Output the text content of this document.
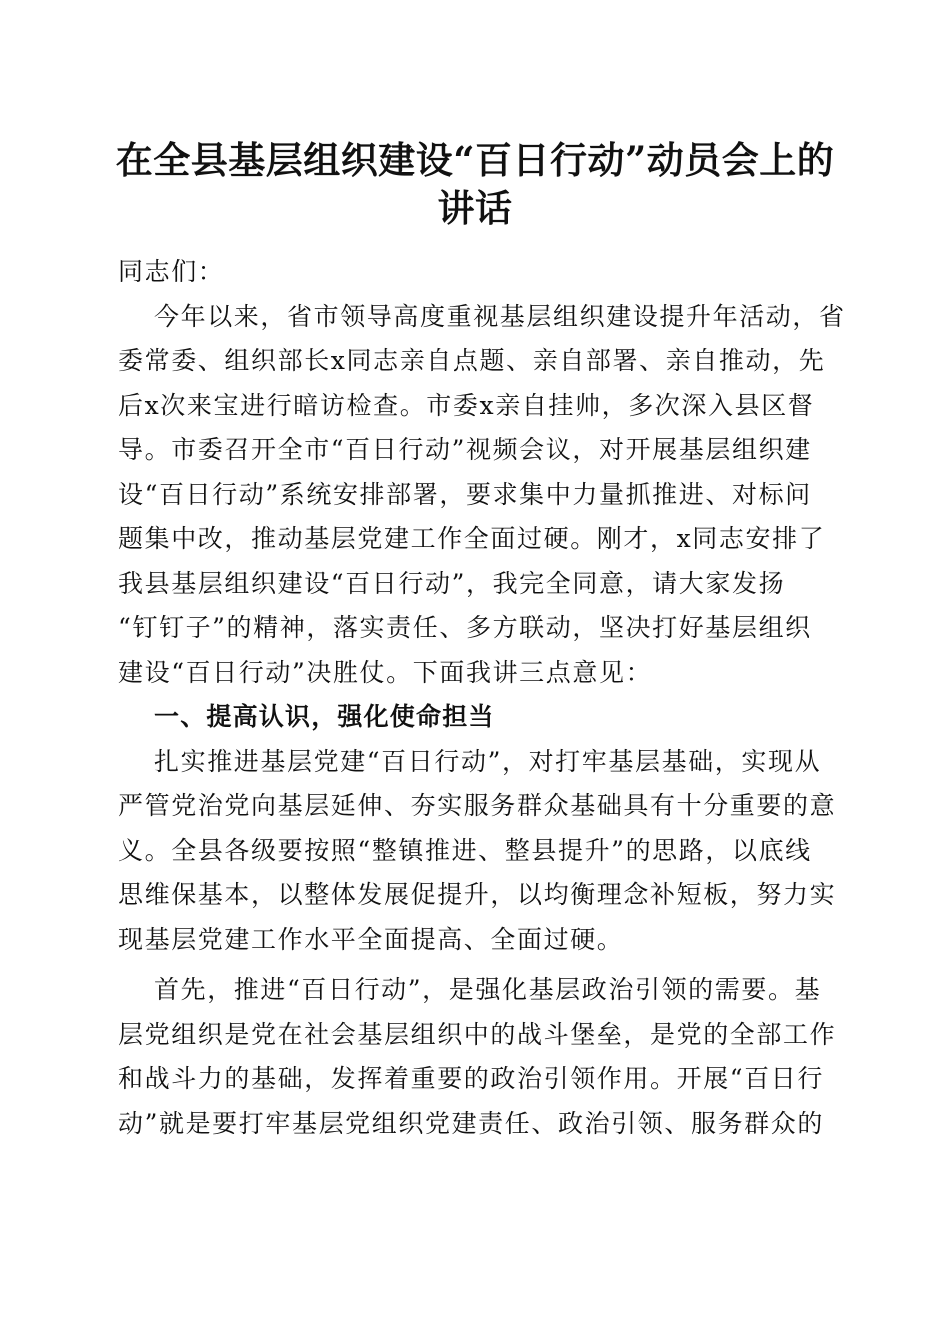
在全县基层组织建设“百日行动”动员会上的
讲话
同志们：
今年以来，省市领导高度重视基层组织建设提升年活动，省
委常委、组织部长x同志亲自点题、亲自部署、亲自推动，先
后x次来宝进行暗访检查。市委x亲自挂帅，多次深入县区督
导。市委召开全市“百日行动”视频会议，对开展基层组织建
设“百日行动”系统安排部署，要求集中力量抓推进、对标问
题集中改，推动基层党建工作全面过硬。刚才，x同志安排了
我县基层组织建设“百日行动”，我完全同意，请大家发扬
“钉钉子”的精神，落实责任、多方联动，坚决打好基层组织
建设“百日行动”决胜仗。下面我讲三点意见：
一、提高认识，强化使命担当
扎实推进基层党建“百日行动”，对打牢基层基础，实现从
严管党治党向基层延伸、夯实服务群众基础具有十分重要的意
义。全县各级要按照“整镇推进、整县提升”的思路，以底线
思维保基本，以整体发展促提升，以均衡理念补短板，努力实
现基层党建工作水平全面提高、全面过硬。
首先，推进“百日行动”，是强化基层政治引领的需要。基
层党组织是党在社会基层组织中的战斗堡垒，是党的全部工作
和战斗力的基础，发挥着重要的政治引领作用。开展“百日行
动”就是要打牢基层党组织党建责任、政治引领、服务群众的
